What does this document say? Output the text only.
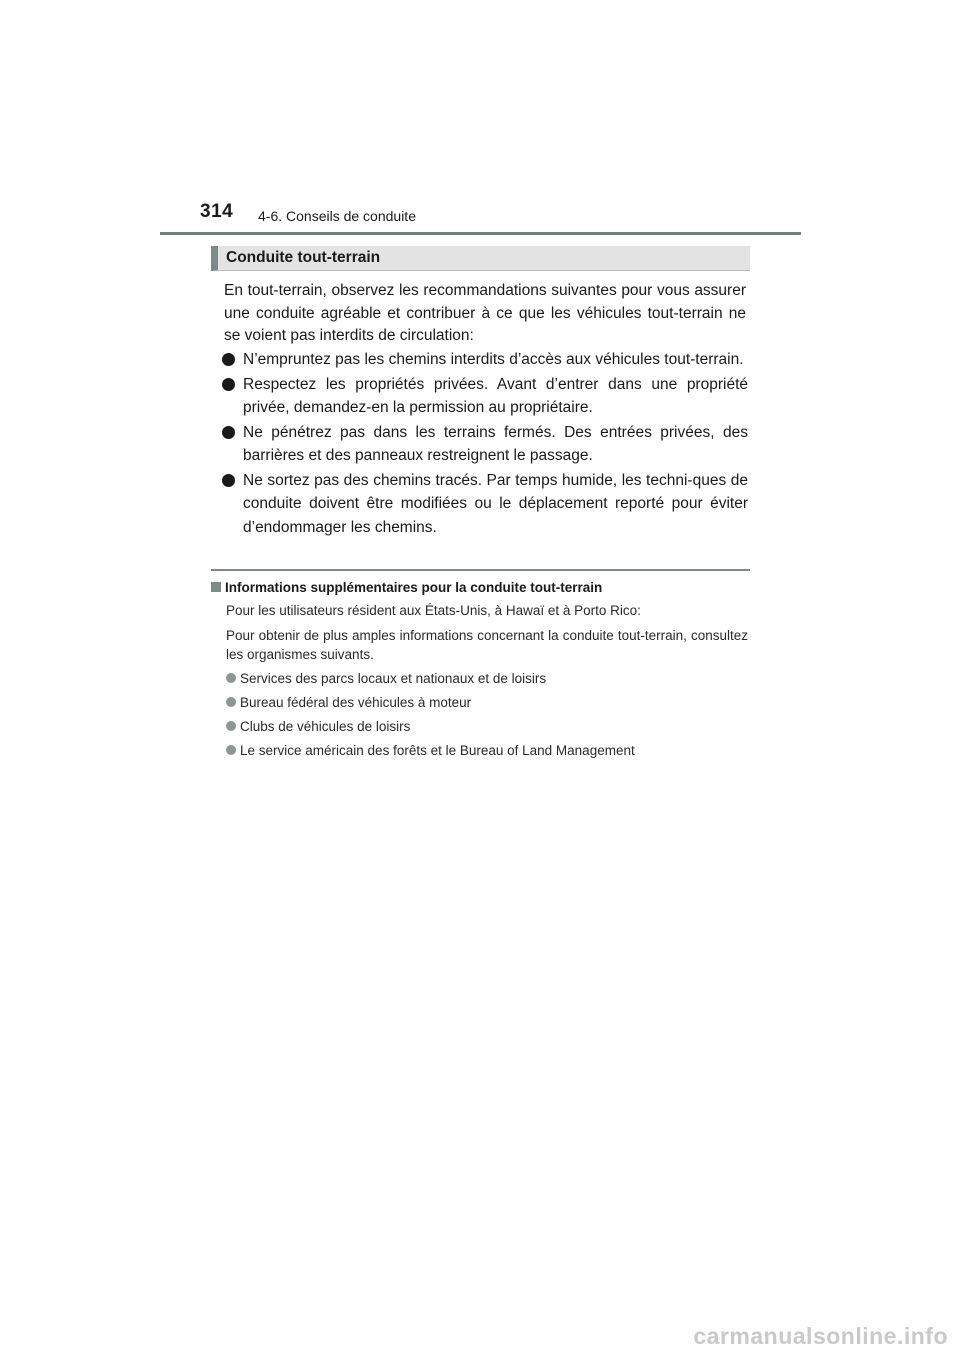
314 4-6. Conseils de conduite
Conduite tout-terrain
En tout-terrain, observez les recommandations suivantes pour vous assurer une conduite agréable et contribuer à ce que les véhicules tout-terrain ne se voient pas interdits de circulation:
N’empruntez pas les chemins interdits d’accès aux véhicules tout-terrain.
Respectez les propriétés privées. Avant d’entrer dans une propriété privée, demandez-en la permission au propriétaire.
Ne pénétrez pas dans les terrains fermés. Des entrées privées, des barrières et des panneaux restreignent le passage.
Ne sortez pas des chemins tracés. Par temps humide, les techni-ques de conduite doivent être modifiées ou le déplacement reporté pour éviter d’endommager les chemins.
Informations supplémentaires pour la conduite tout-terrain
Pour les utilisateurs résident aux États-Unis, à Hawaï et à Porto Rico:
Pour obtenir de plus amples informations concernant la conduite tout-terrain, consultez les organismes suivants.
Services des parcs locaux et nationaux et de loisirs
Bureau fédéral des véhicules à moteur
Clubs de véhicules de loisirs
Le service américain des forêts et le Bureau of Land Management
carmanualsonline.info
